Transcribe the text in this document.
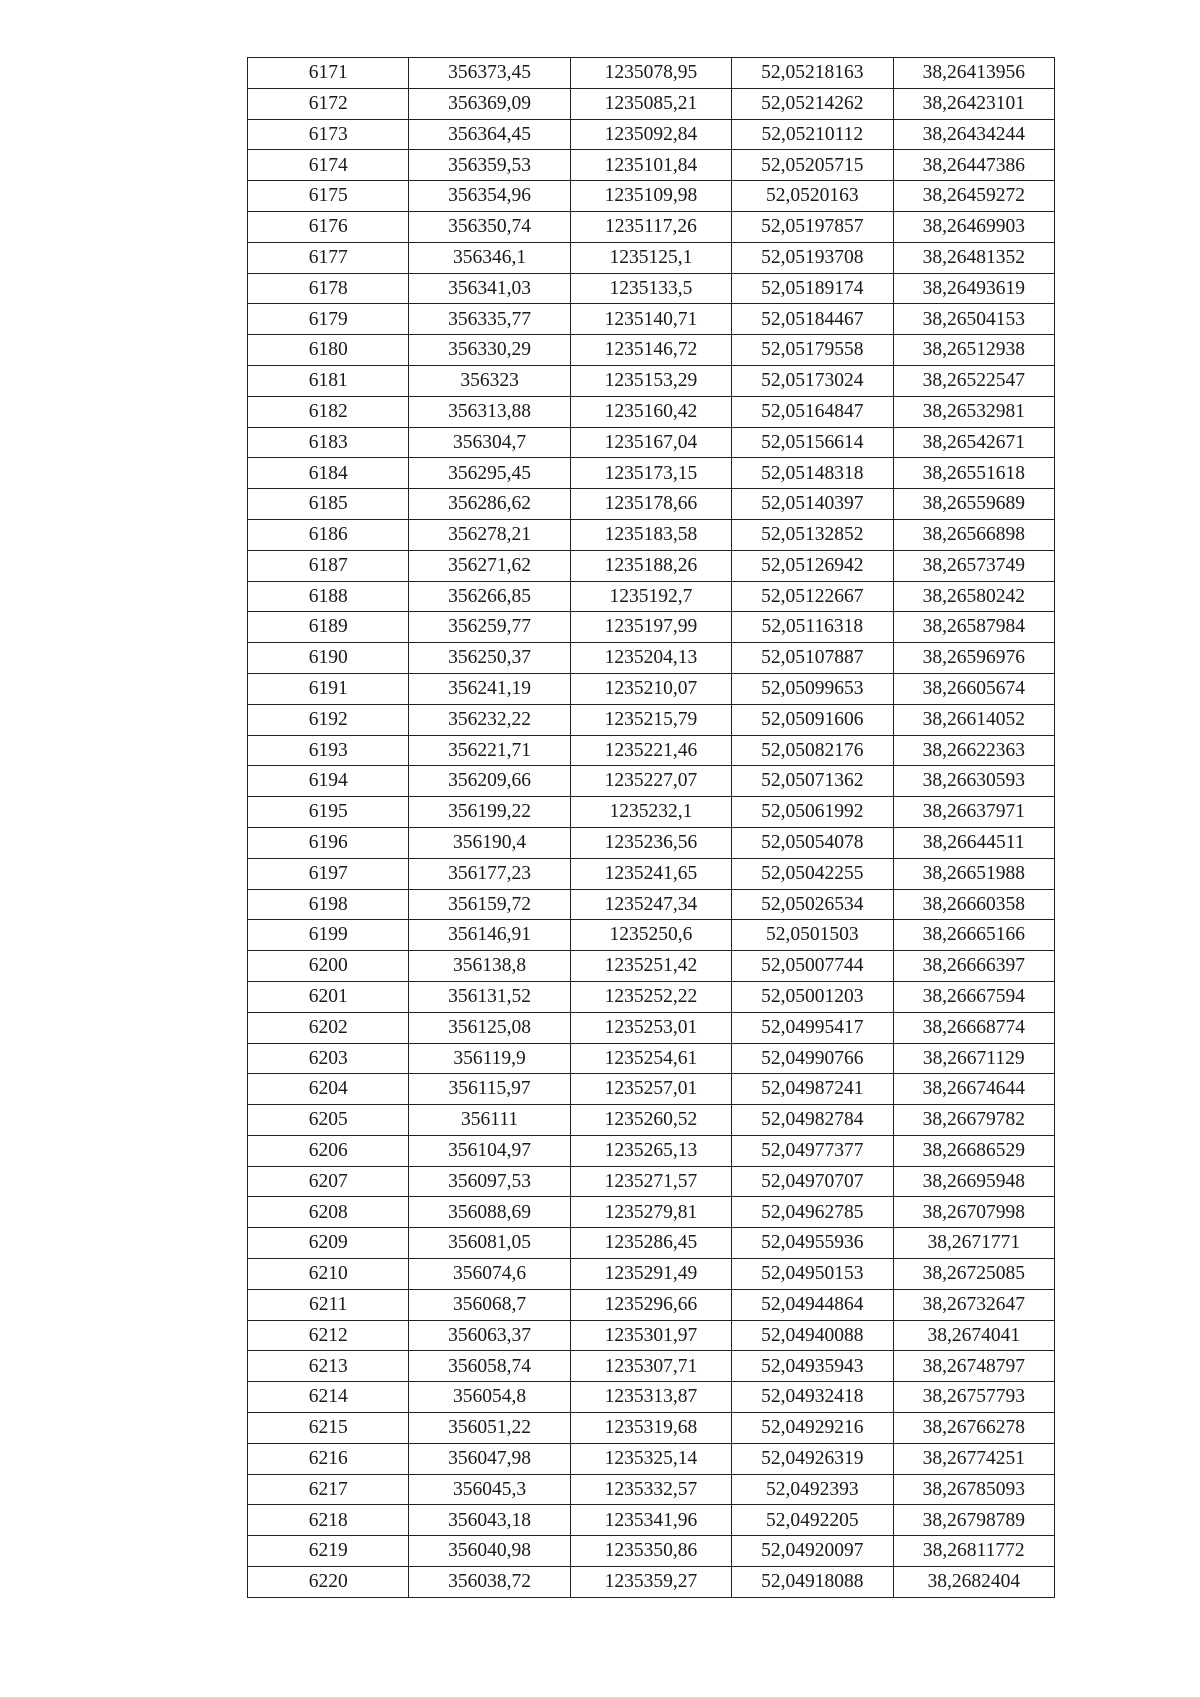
6171	356373,45	1235078,95	52,05218163	38,26413956
6172	356369,09	1235085,21	52,05214262	38,26423101
6173	356364,45	1235092,84	52,05210112	38,26434244
6174	356359,53	1235101,84	52,05205715	38,26447386
6175	356354,96	1235109,98	52,0520163	38,26459272
6176	356350,74	1235117,26	52,05197857	38,26469903
6177	356346,1	1235125,1	52,05193708	38,26481352
6178	356341,03	1235133,5	52,05189174	38,26493619
6179	356335,77	1235140,71	52,05184467	38,26504153
6180	356330,29	1235146,72	52,05179558	38,26512938
6181	356323	1235153,29	52,05173024	38,26522547
6182	356313,88	1235160,42	52,05164847	38,26532981
6183	356304,7	1235167,04	52,05156614	38,26542671
6184	356295,45	1235173,15	52,05148318	38,26551618
6185	356286,62	1235178,66	52,05140397	38,26559689
6186	356278,21	1235183,58	52,05132852	38,26566898
6187	356271,62	1235188,26	52,05126942	38,26573749
6188	356266,85	1235192,7	52,05122667	38,26580242
6189	356259,77	1235197,99	52,05116318	38,26587984
6190	356250,37	1235204,13	52,05107887	38,26596976
6191	356241,19	1235210,07	52,05099653	38,26605674
6192	356232,22	1235215,79	52,05091606	38,26614052
6193	356221,71	1235221,46	52,05082176	38,26622363
6194	356209,66	1235227,07	52,05071362	38,26630593
6195	356199,22	1235232,1	52,05061992	38,26637971
6196	356190,4	1235236,56	52,05054078	38,26644511
6197	356177,23	1235241,65	52,05042255	38,26651988
6198	356159,72	1235247,34	52,05026534	38,26660358
6199	356146,91	1235250,6	52,0501503	38,26665166
6200	356138,8	1235251,42	52,05007744	38,26666397
6201	356131,52	1235252,22	52,05001203	38,26667594
6202	356125,08	1235253,01	52,04995417	38,26668774
6203	356119,9	1235254,61	52,04990766	38,26671129
6204	356115,97	1235257,01	52,04987241	38,26674644
6205	356111	1235260,52	52,04982784	38,26679782
6206	356104,97	1235265,13	52,04977377	38,26686529
6207	356097,53	1235271,57	52,04970707	38,26695948
6208	356088,69	1235279,81	52,04962785	38,26707998
6209	356081,05	1235286,45	52,04955936	38,2671771
6210	356074,6	1235291,49	52,04950153	38,26725085
6211	356068,7	1235296,66	52,04944864	38,26732647
6212	356063,37	1235301,97	52,04940088	38,2674041
6213	356058,74	1235307,71	52,04935943	38,26748797
6214	356054,8	1235313,87	52,04932418	38,26757793
6215	356051,22	1235319,68	52,04929216	38,26766278
6216	356047,98	1235325,14	52,04926319	38,26774251
6217	356045,3	1235332,57	52,0492393	38,26785093
6218	356043,18	1235341,96	52,0492205	38,26798789
6219	356040,98	1235350,86	52,04920097	38,26811772
6220	356038,72	1235359,27	52,04918088	38,2682404
